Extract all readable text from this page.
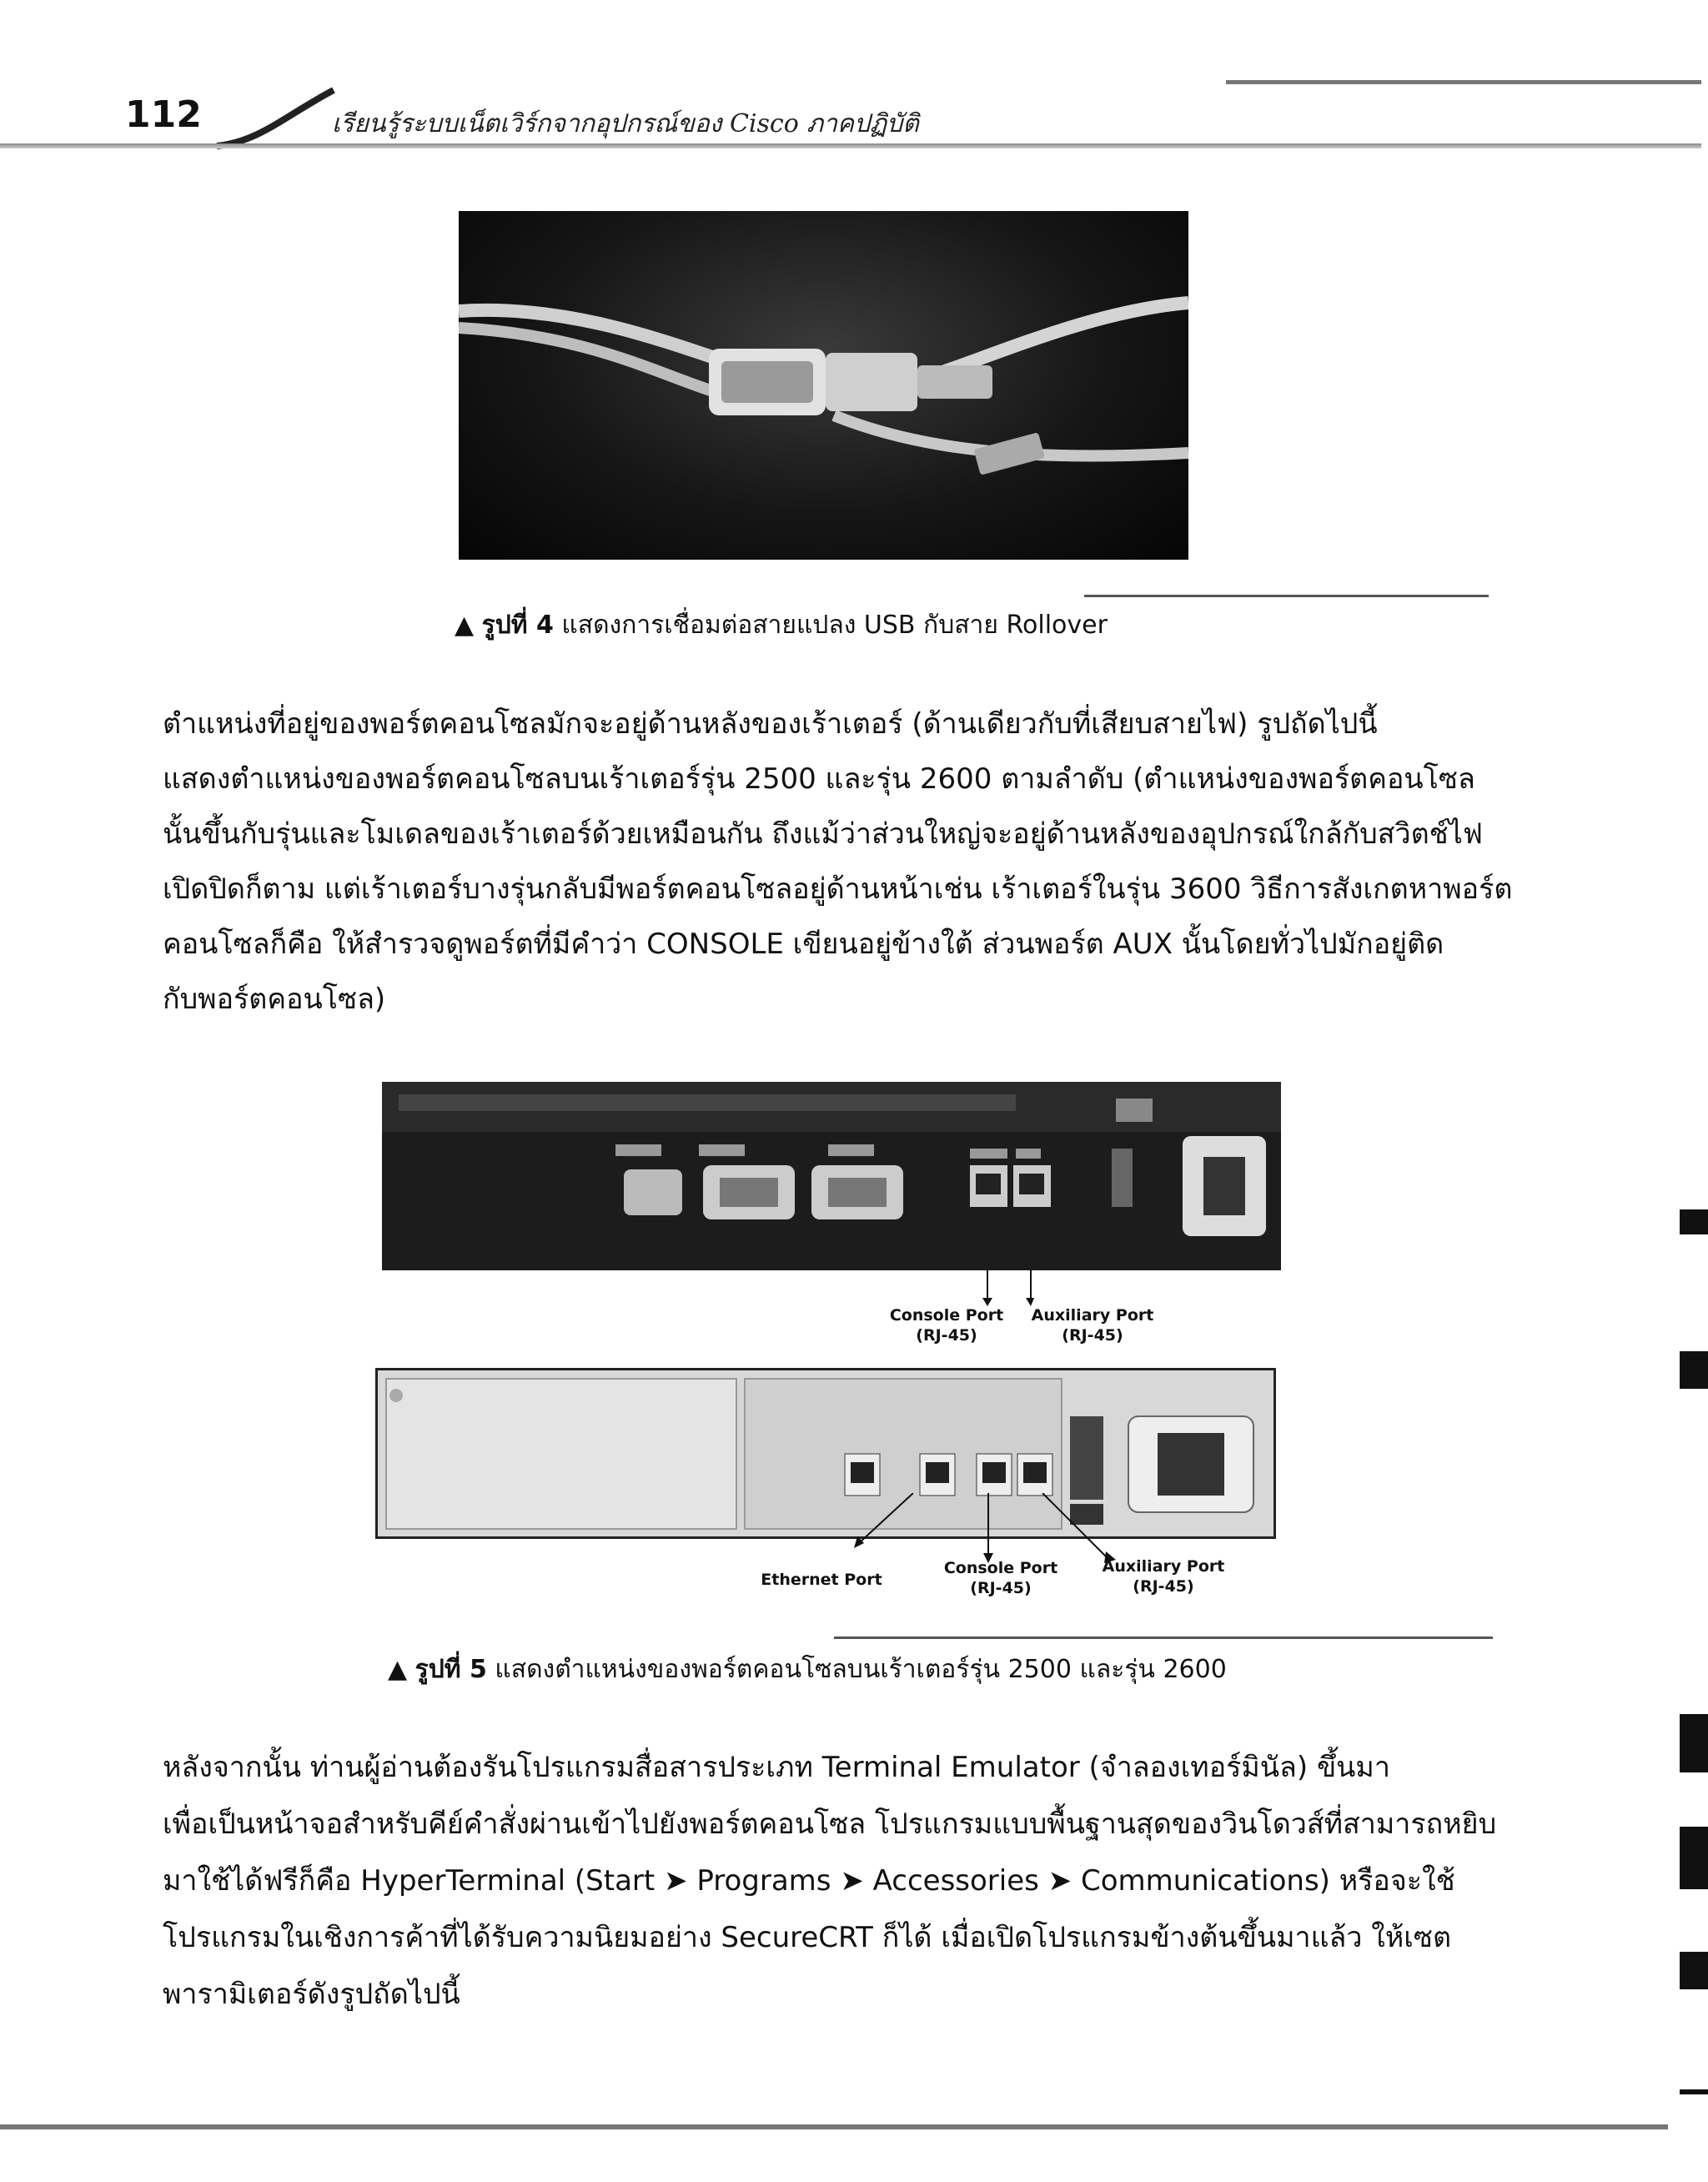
112	เรียนรู้ระบบเน็ตเวิร์กจากอุปกรณ์ของ Cisco ภาคปฏิบัติ
▲ รูปที่ 4 แสดงการเชื่อมต่อสายแปลง USB กับสาย Rollover
ตำแหน่งที่อยู่ของพอร์ตคอนโซลมักจะอยู่ด้านหลังของเร้าเตอร์ (ด้านเดียวกับที่เสียบสายไฟ) รูปถัดไปนี้
แสดงตำแหน่งของพอร์ตคอนโซลบนเร้าเตอร์รุ่น 2500 และรุ่น 2600 ตามลำดับ (ตำแหน่งของพอร์ตคอนโซล
นั้นขึ้นกับรุ่นและโมเดลของเร้าเตอร์ด้วยเหมือนกัน ถึงแม้ว่าส่วนใหญ่จะอยู่ด้านหลังของอุปกรณ์ใกล้กับสวิตช์ไฟ
เปิดปิดก็ตาม แต่เร้าเตอร์บางรุ่นกลับมีพอร์ตคอนโซลอยู่ด้านหน้าเช่น เร้าเตอร์ในรุ่น 3600 วิธีการสังเกตหาพอร์ต
คอนโซลก็คือ ให้สำรวจดูพอร์ตที่มีคำว่า CONSOLE เขียนอยู่ข้างใต้ ส่วนพอร์ต AUX นั้นโดยทั่วไปมักอยู่ติด
กับพอร์ตคอนโซล)
Console Port
(RJ-45)
Auxiliary Port
(RJ-45)
Ethernet Port
Console Port
(RJ-45)
Auxiliary Port
(RJ-45)
▲ รูปที่ 5 แสดงตำแหน่งของพอร์ตคอนโซลบนเร้าเตอร์รุ่น 2500 และรุ่น 2600
หลังจากนั้น ท่านผู้อ่านต้องรันโปรแกรมสื่อสารประเภท Terminal Emulator (จำลองเทอร์มินัล) ขึ้นมา
เพื่อเป็นหน้าจอสำหรับคีย์คำสั่งผ่านเข้าไปยังพอร์ตคอนโซล โปรแกรมแบบพื้นฐานสุดของวินโดวส์ที่สามารถหยิบ
มาใช้ได้ฟรีก็คือ HyperTerminal (Start ➤ Programs ➤ Accessories ➤ Communications) หรือจะใช้
โปรแกรมในเชิงการค้าที่ได้รับความนิยมอย่าง SecureCRT ก็ได้ เมื่อเปิดโปรแกรมข้างต้นขึ้นมาแล้ว ให้เซต
พารามิเตอร์ดังรูปถัดไปนี้
